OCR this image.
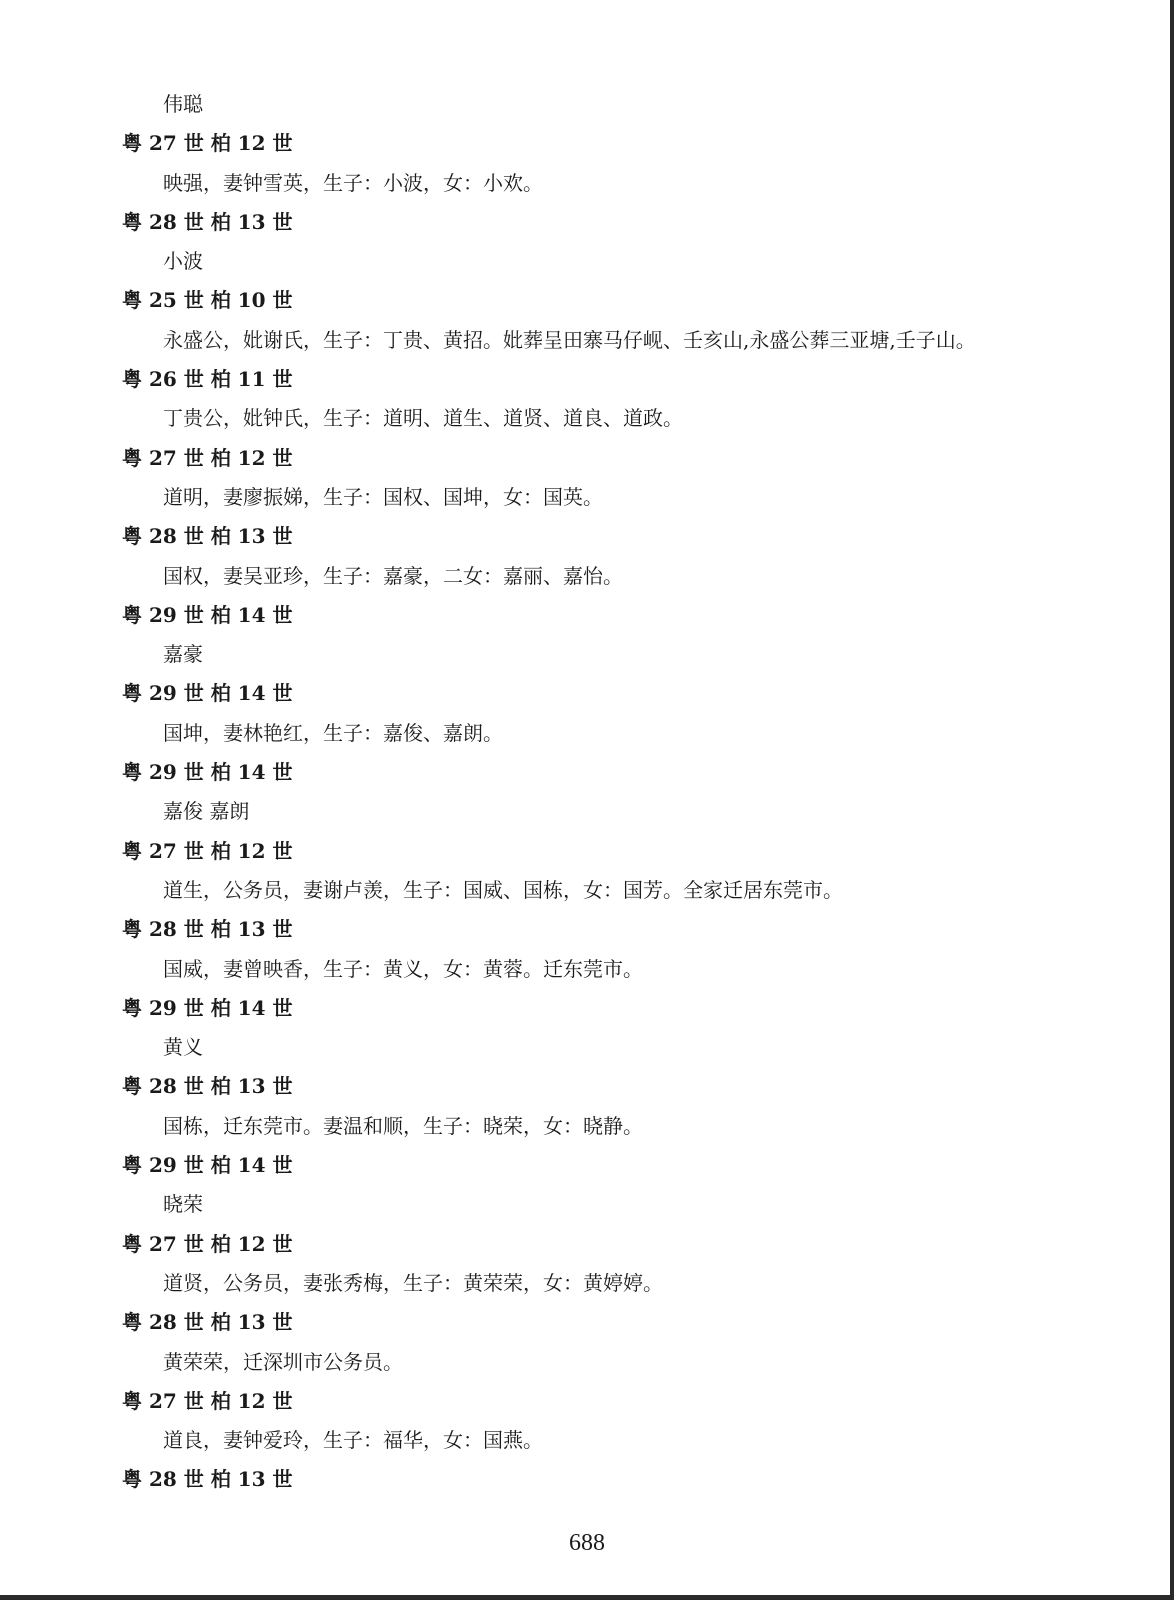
伟聪
粤 27 世 柏 12 世
映强，妻钟雪英，生子：小波，女：小欢。
粤 28 世 柏 13 世
小波
粤 25 世 柏 10 世
永盛公，妣谢氏，生子：丁贵、黄招。妣葬呈田寨马仔岘、壬亥山,永盛公葬三亚塘,壬子山。
粤 26 世 柏 11 世
丁贵公，妣钟氏，生子：道明、道生、道贤、道良、道政。
粤 27 世 柏 12 世
道明，妻廖振娣，生子：国权、国坤，女：国英。
粤 28 世 柏 13 世
国权，妻吴亚珍，生子：嘉豪，二女：嘉丽、嘉怡。
粤 29 世 柏 14 世
嘉豪
粤 29 世 柏 14 世
国坤，妻林艳红，生子：嘉俊、嘉朗。
粤 29 世 柏 14 世
嘉俊 嘉朗
粤 27 世 柏 12 世
道生，公务员，妻谢卢羡，生子：国威、国栋，女：国芳。全家迁居东莞市。
粤 28 世 柏 13 世
国威，妻曾映香，生子：黄义，女：黄蓉。迁东莞市。
粤 29 世 柏 14 世
黄义
粤 28 世 柏 13 世
国栋，迁东莞市。妻温和顺，生子：晓荣，女：晓静。
粤 29 世 柏 14 世
晓荣
粤 27 世 柏 12 世
道贤，公务员，妻张秀梅，生子：黄荣荣，女：黄婷婷。
粤 28 世 柏 13 世
黄荣荣，迁深圳市公务员。
粤 27 世 柏 12 世
道良，妻钟爱玲，生子：福华，女：国燕。
粤 28 世 柏 13 世
688
